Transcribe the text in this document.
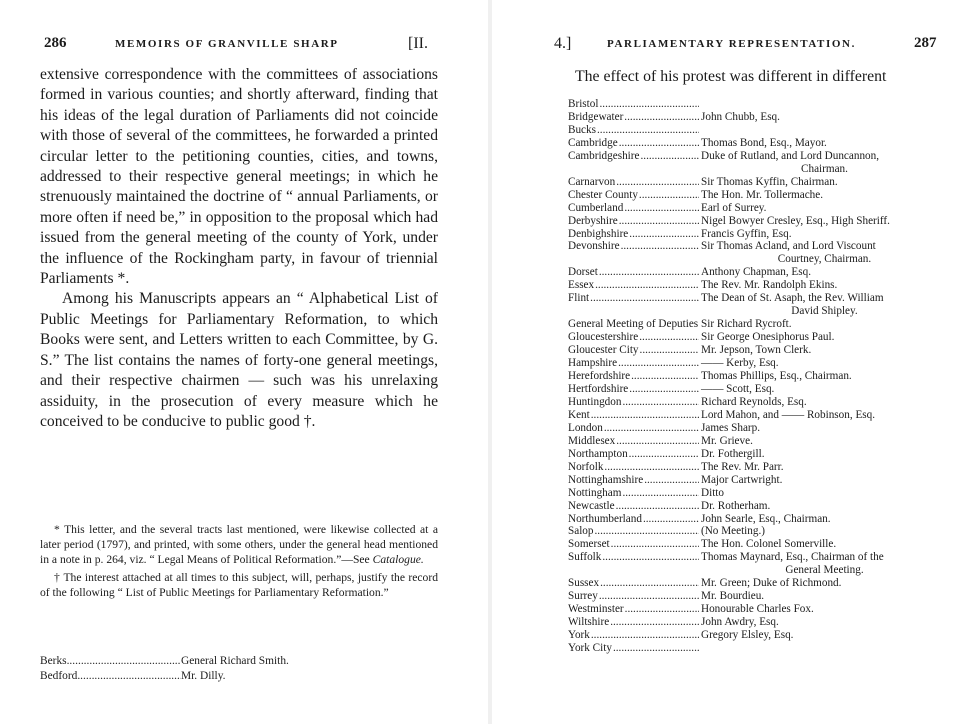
286	MEMOIRS OF GRANVILLE SHARP	[II.

extensive correspondence with the committees of associations formed in various counties; and shortly afterward, finding that his ideas of the legal duration of Parliaments did not coincide with those of several of the committees, he forwarded a printed circular letter to the petitioning counties, cities, and towns, addressed to their respective general meetings; in which he strenuously maintained the doctrine of “ annual Parliaments, or more often if need be,” in opposition to the proposal which had issued from the general meeting of the county of York, under the influence of the Rockingham party, in favour of triennial Parliaments *.

Among his Manuscripts appears an “ Alphabetical List of Public Meetings for Parliamentary Reformation, to which Books were sent, and Letters written to each Committee, by G. S.” The list contains the names of forty-one general meetings, and their respective chairmen — such was his unrelaxing assiduity, in the prosecution of every measure which he conceived to be conducive to public good †.

* This letter, and the several tracts last mentioned, were likewise collected at a later period (1797), and printed, with some others, under the general head mentioned in a note in p. 264, viz. “ Legal Means of Political Reformation.”—See Catalogue.

† The interest attached at all times to this subject, will, perhaps, justify the record of the following “ List of Public Meetings for Parliamentary Reformation.”

Berks .....	General Richard Smith.
Bedford .....	Mr. Dilly.
4.]	PARLIAMENTARY REPRESENTATION.	287
The effect of his protest was different in different
Bristol .....
Bridgewater .....	John Chubb, Esq.
Bucks .....
Cambridge .....	Thomas Bond, Esq., Mayor.
Cambridgeshire .....	Duke of Rutland, and Lord Duncannon,
Chairman.
Carnarvon .....	Sir Thomas Kyffin, Chairman.
Chester County .....	The Hon. Mr. Tollermache.
Cumberland .....	Earl of Surrey.
Derbyshire .....	Nigel Bowyer Cresley, Esq., High Sheriff.
Denbighshire .....	Francis Gyffin, Esq.
Devonshire .....	Sir Thomas Acland, and Lord Viscount
Courtney, Chairman.
Dorset .....	Anthony Chapman, Esq.
Essex .....	The Rev. Mr. Randolph Ekins.
Flint .....	The Dean of St. Asaph, the Rev. William
David Shipley.
General Meeting of Deputies ..... Sir Richard Rycroft.
Gloucestershire .....	Sir George Onesiphorus Paul.
Gloucester City .....	Mr. Jepson, Town Clerk.
Hampshire .....	—— Kerby, Esq.
Herefordshire .....	Thomas Phillips, Esq., Chairman.
Hertfordshire .....	—— Scott, Esq.
Huntingdon .....	Richard Reynolds, Esq.
Kent .....	Lord Mahon, and —— Robinson, Esq.
London .....	James Sharp.
Middlesex .....	Mr. Grieve.
Northampton .....	Dr. Fothergill.
Norfolk .....	The Rev. Mr. Parr.
Nottinghamshire .....	Major Cartwright.
Nottingham .....	Ditto
Newcastle .....	Dr. Rotherham.
Northumberland .....	John Searle, Esq., Chairman.
Salop .....	(No Meeting.)
Somerset .....	The Hon. Colonel Somerville.
Suffolk .....	Thomas Maynard, Esq., Chairman of the
General Meeting.
Sussex .....	Mr. Green; Duke of Richmond.
Surrey .....	Mr. Bourdieu.
Westminster .....	Honourable Charles Fox.
Wiltshire .....	John Awdry, Esq.
York .....	Gregory Elsley, Esq.
York City .....
